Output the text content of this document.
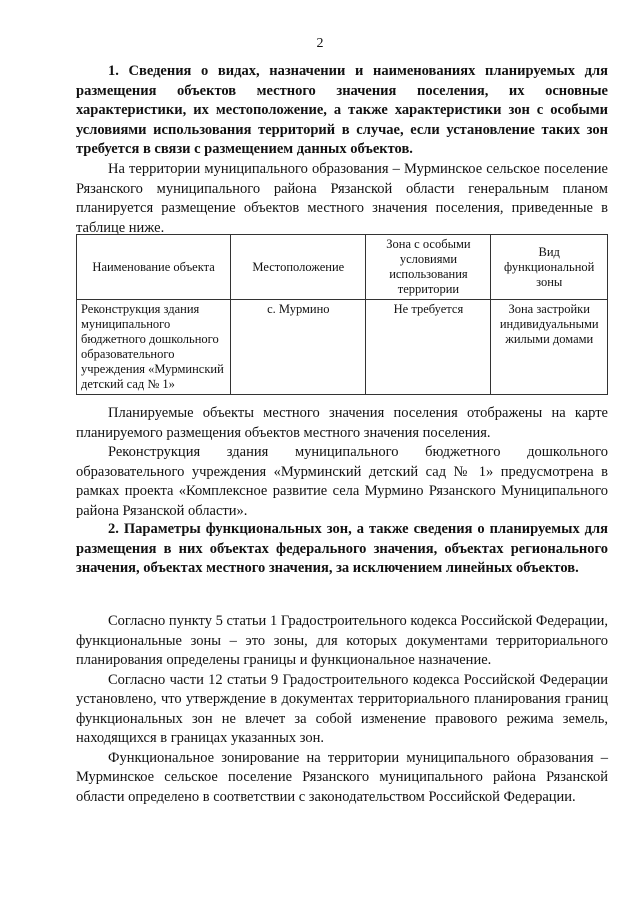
2
1. Сведения о видах, назначении и наименованиях планируемых для размещения объектов местного значения поселения, их основные характеристики, их местоположение, а также характеристики зон с особыми условиями использования территорий в случае, если установление таких зон требуется в связи с размещением данных объектов.
На территории муниципального образования – Мурминское сельское поселение Рязанского муниципального района Рязанской области генеральным планом планируется размещение объектов местного значения поселения, приведенные в таблице ниже.
Наименование объекта	Местоположение	Зона с особыми условиями использования территории	Вид функциональной зоны
Реконструкция здания муниципального бюджетного дошкольного образовательного учреждения «Мурминский детский сад № 1»	с. Мурмино	Не требуется	Зона застройки индивидуальными жилыми домами

Планируемые объекты местного значения поселения отображены на карте планируемого размещения объектов местного значения поселения.

Реконструкция здания муниципального бюджетного дошкольного образовательного учреждения «Мурминский детский сад № 1» предусмотрена в рамках проекта «Комплексное развитие села Мурмино Рязанского Муниципального района Рязанской области».

2. Параметры функциональных зон, а также сведения о планируемых для размещения в них объектах федерального значения, объектах регионального значения, объектах местного значения, за исключением линейных объектов.

Согласно пункту 5 статьи 1 Градостроительного кодекса Российской Федерации, функциональные зоны – это зоны, для которых документами территориального планирования определены границы и функциональное назначение.

Согласно части 12 статьи 9 Градостроительного кодекса Российской Федерации установлено, что утверждение в документах территориального планирования границ функциональных зон не влечет за собой изменение правового режима земель, находящихся в границах указанных зон.

Функциональное зонирование на территории муниципального образования – Мурминское сельское поселение Рязанского муниципального района Рязанской области определено в соответствии с законодательством Российской Федерации.
